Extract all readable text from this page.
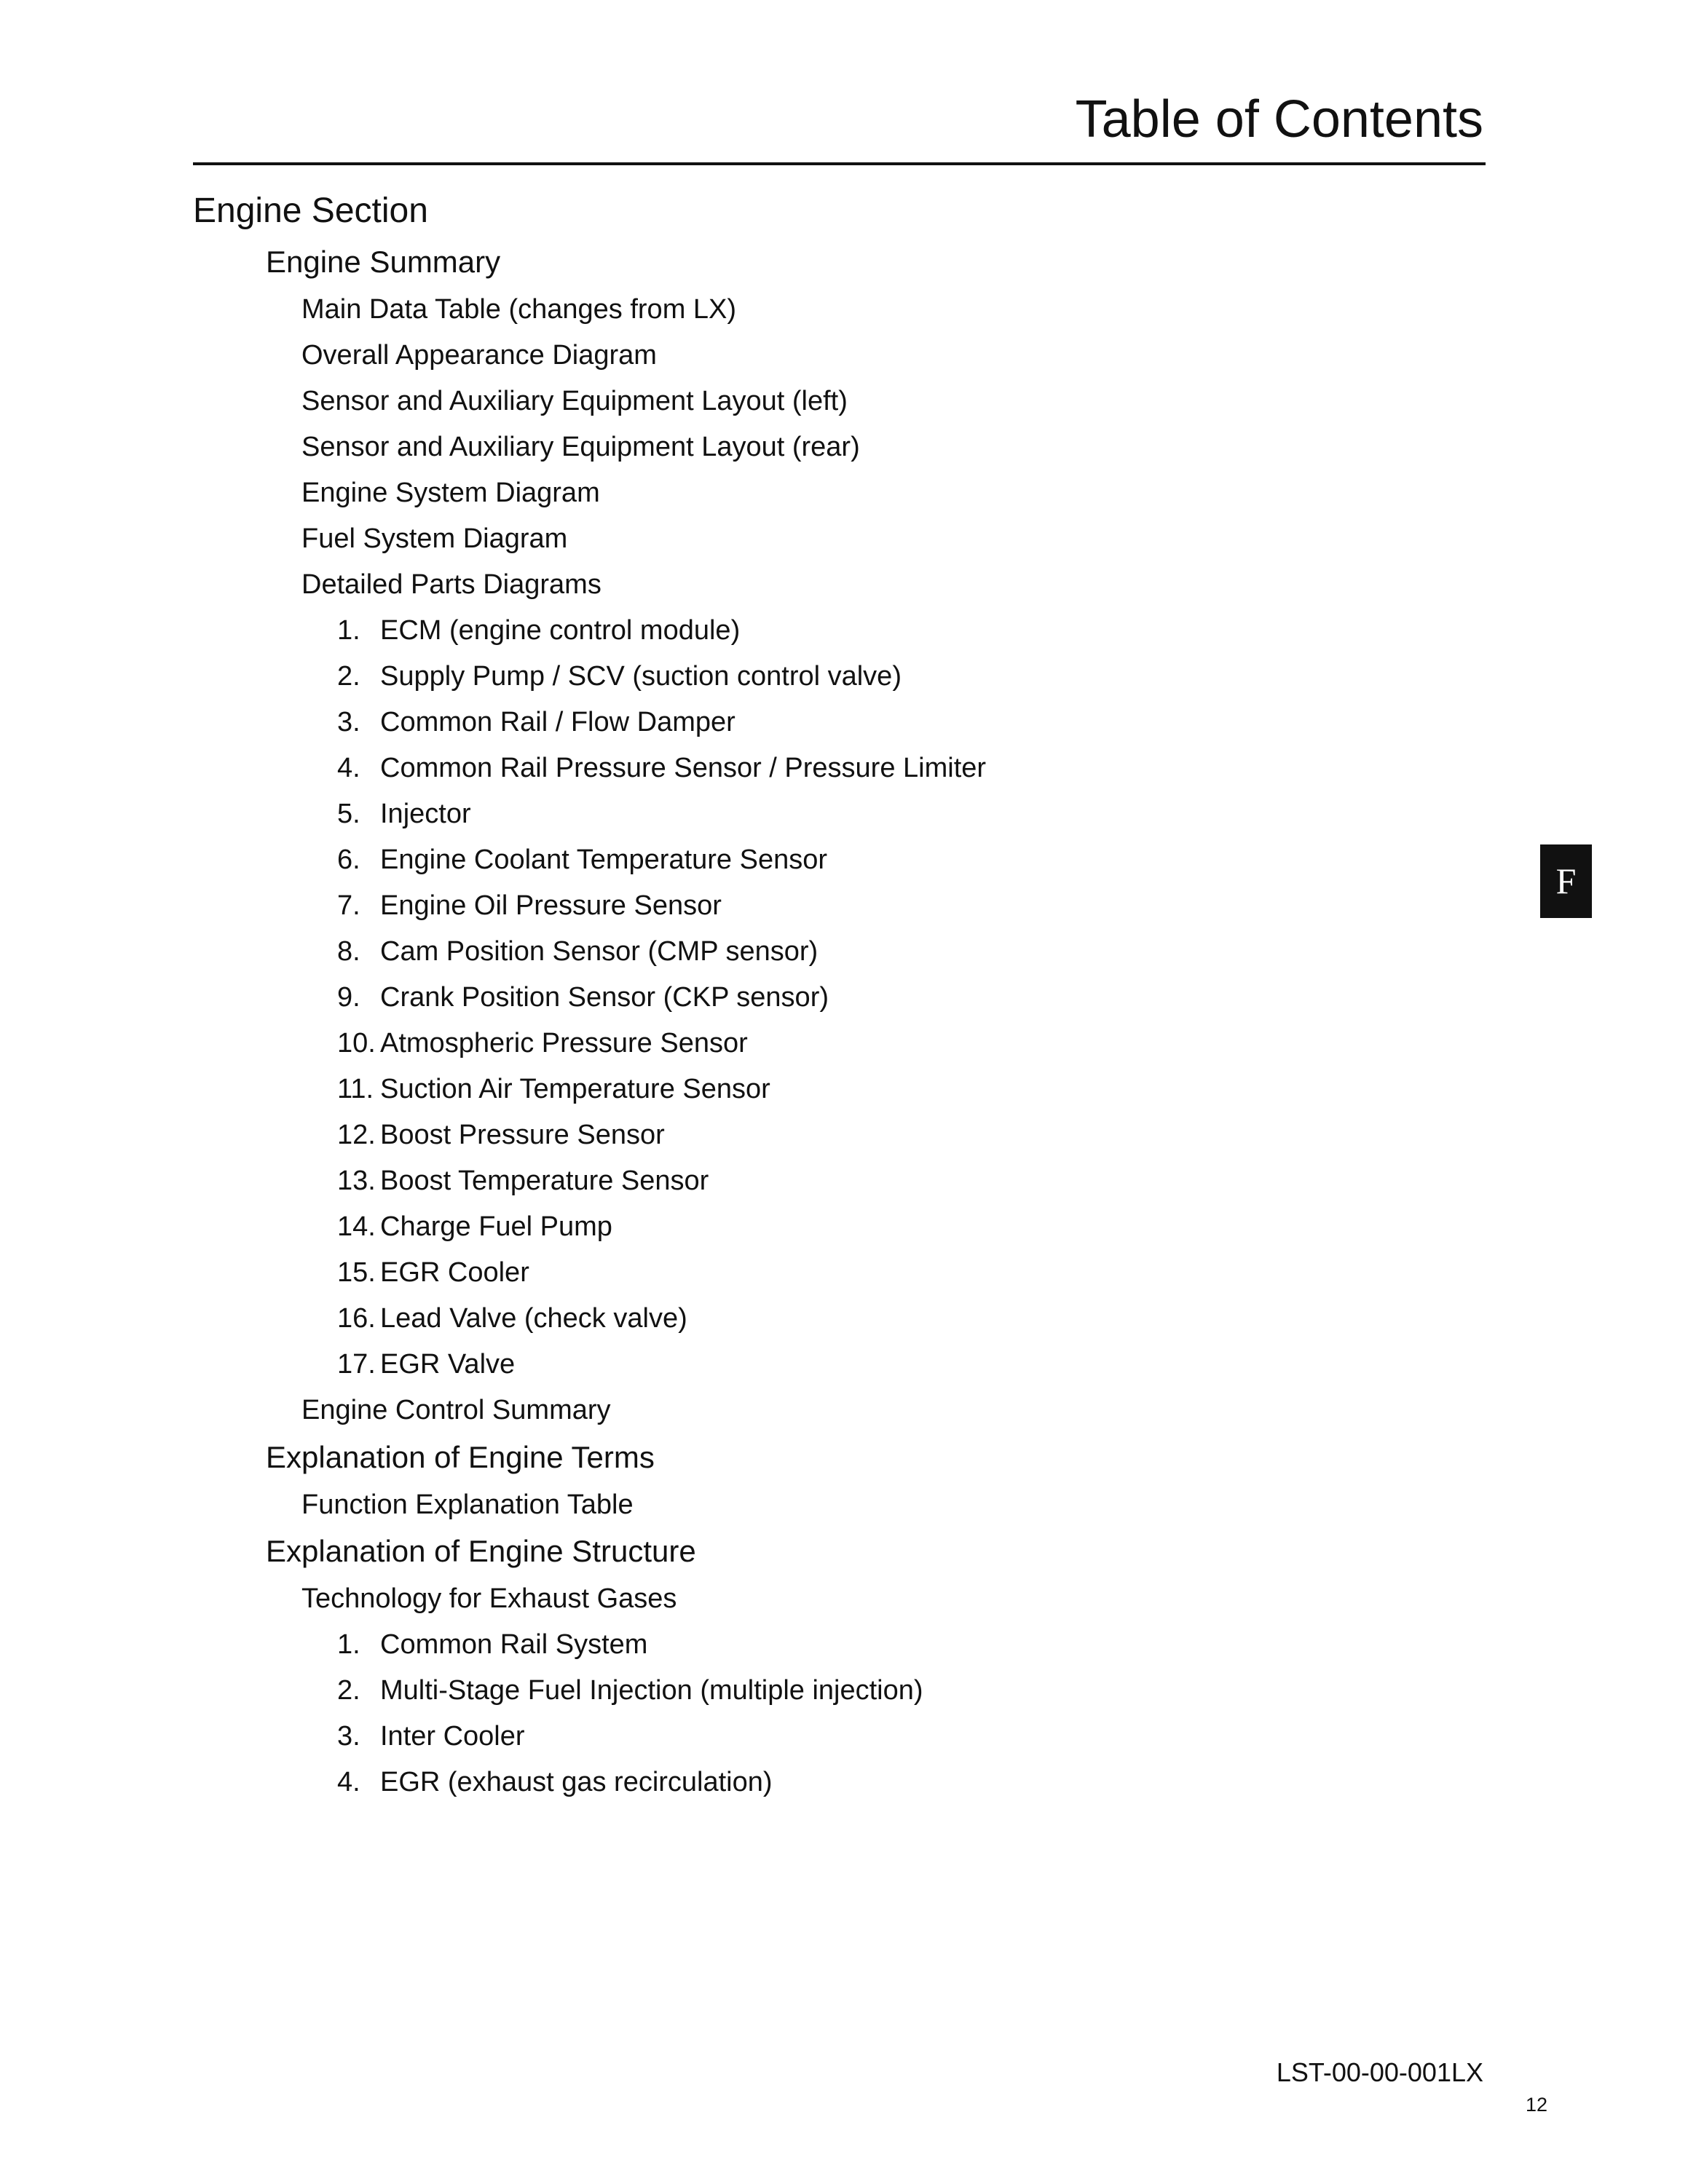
Table of Contents
Engine Section
Engine Summary
Main Data Table (changes from LX)
Overall Appearance Diagram
Sensor and Auxiliary Equipment Layout (left)
Sensor and Auxiliary Equipment Layout (rear)
Engine System Diagram
Fuel System Diagram
Detailed Parts Diagrams
1. ECM (engine control module)
2. Supply Pump / SCV (suction control valve)
3. Common Rail / Flow Damper
4. Common Rail Pressure Sensor / Pressure Limiter
5. Injector
6. Engine Coolant Temperature Sensor
7. Engine Oil Pressure Sensor
8. Cam Position Sensor (CMP sensor)
9. Crank Position Sensor (CKP sensor)
10. Atmospheric Pressure Sensor
11. Suction Air Temperature Sensor
12. Boost Pressure Sensor
13. Boost Temperature Sensor
14. Charge Fuel Pump
15. EGR Cooler
16. Lead Valve (check valve)
17. EGR Valve
Engine Control Summary
Explanation of Engine Terms
Function Explanation Table
Explanation of Engine Structure
Technology for Exhaust Gases
1. Common Rail System
2. Multi-Stage Fuel Injection (multiple injection)
3. Inter Cooler
4. EGR (exhaust gas recirculation)
F
LST-00-00-001LX
12
